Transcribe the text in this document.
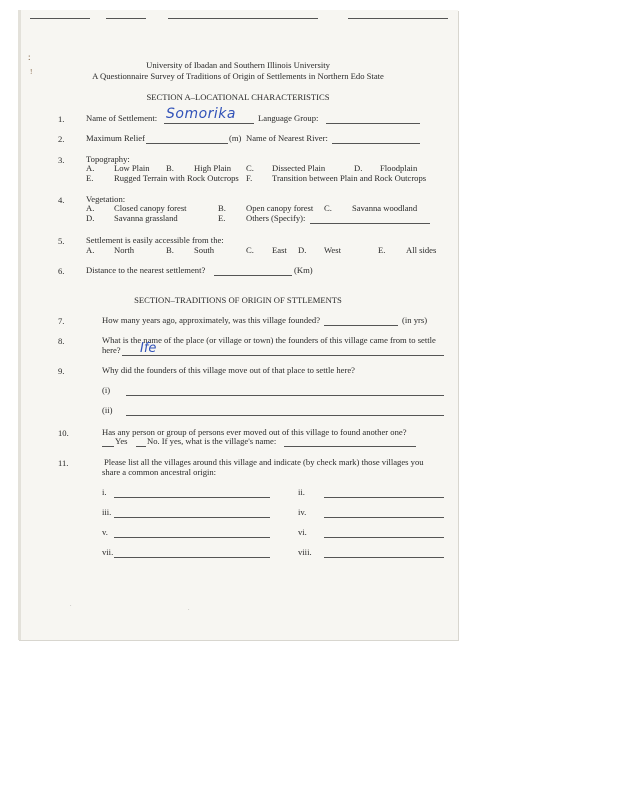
:
!
University of Ibadan and Southern Illinois University
A Questionnaire Survey of Traditions of Origin of Settlements in Northern Edo State
SECTION A–LOCATIONAL CHARACTERISTICS
1.	Name of Settlement: Somorika	Language Group:
2.	Maximum Relief	(m) Name of Nearest River:
3.	Topography:
A. Low Plain B. High Plain C. Dissected Plain	D. Floodplain
E. Rugged Terrain with Rock Outcrops F. Transition between Plain and Rock Outcrops
4.	Vegetation:
A. Closed canopy forest	B. Open canopy forest C. Savanna woodland
D. Savanna grassland	E. Others (Specify):
5.	Settlement is easily accessible from the:
A. North	B. South	C. East D. West	E. All sides
6.	Distance to the nearest settlement?	(Km)
SECTION–TRADITIONS OF ORIGIN OF STTLEMENTS
7.	How many years ago, approximately, was this village founded?	(in yrs)
8.	What is the name of the place (or village or town) the founders of this village came from to settle
here? Ife
9.	Why did the founders of this village move out of that place to settle here?
(i)
(ii)
10.	Has any person or group of persons ever moved out of this village to found another one?
Yes No. If yes, what is the village's name:
11.	Please list all the villages around this village and indicate (by check mark) those villages you
share a common ancestral origin:
i.	ii.
iii.	iv.
v.	vi.
vii.	viii.
.
.
